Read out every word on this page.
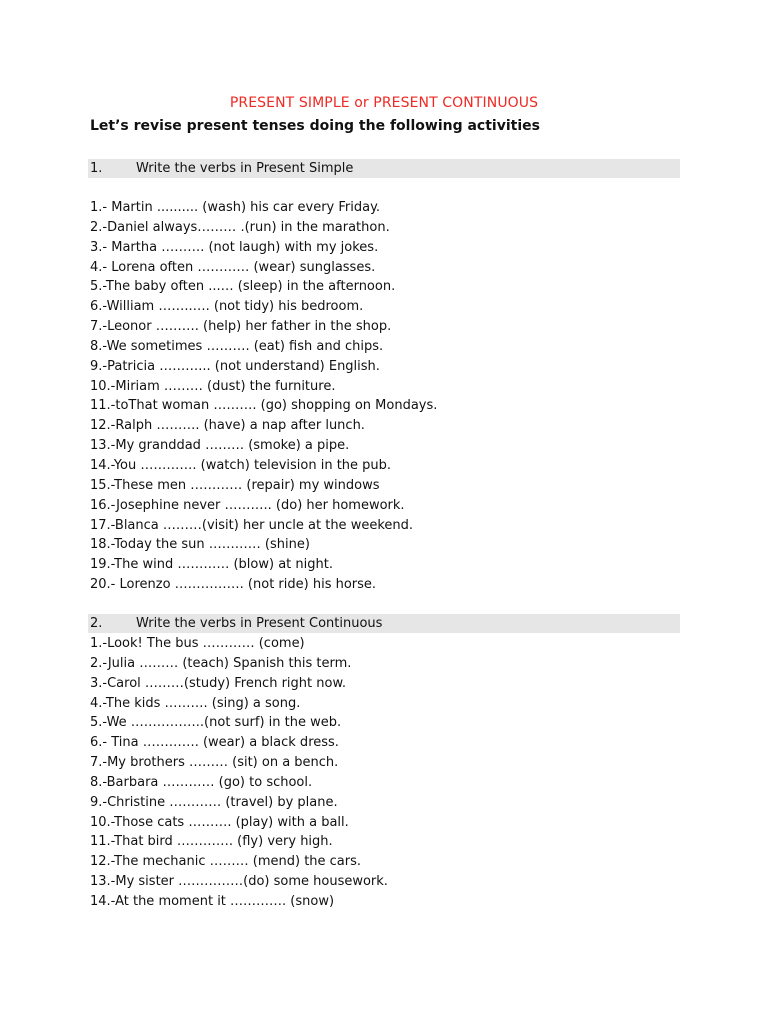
PRESENT SIMPLE or PRESENT CONTINUOUS
Let’s revise present tenses doing the following activities
1.	Write the verbs in Present Simple
1.- Martin .......... (wash) his car every Friday.
2.-Daniel always……… .(run) in the marathon.
3.- Martha ………. (not laugh) with my jokes.
4.- Lorena often ………… (wear) sunglasses.
5.-The baby often ...… (sleep) in the afternoon.
6.-William ……..…. (not tidy) his bedroom.
7.-Leonor ………. (help) her father in the shop.
8.-We sometimes ………. (eat) fish and chips.
9.-Patricia ………... (not understand) English.
10.-Miriam ……… (dust) the furniture.
11.-toThat woman ………. (go) shopping on Mondays.
12.-Ralph ………. (have) a nap after lunch.
13.-My granddad ……… (smoke) a pipe.
14.-You …………. (watch) television in the pub.
15.-These men ………… (repair) my windows
16.-Josephine never ……….. (do) her homework.
17.-Blanca ………(visit) her uncle at the weekend.
18.-Today the sun ………… (shine)
19.-The wind ………… (blow) at night.
20.- Lorenzo ……………. (not ride) his horse.
2.	Write the verbs in Present Continuous
1.-Look! The bus ………… (come)
2.-Julia ……… (teach) Spanish this term.
3.-Carol ………(study) French right now.
4.-The kids ………. (sing) a song.
5.-We ……………..(not surf) in the web.
6.- Tina …………. (wear) a black dress.
7.-My brothers ……… (sit) on a bench.
8.-Barbara ………… (go) to school.
9.-Christine ………… (travel) by plane.
10.-Those cats ………. (play) with a ball.
11.-That bird …………. (fly) very high.
12.-The mechanic ……… (mend) the cars.
13.-My sister ……………(do) some housework.
14.-At the moment it …………. (snow)
